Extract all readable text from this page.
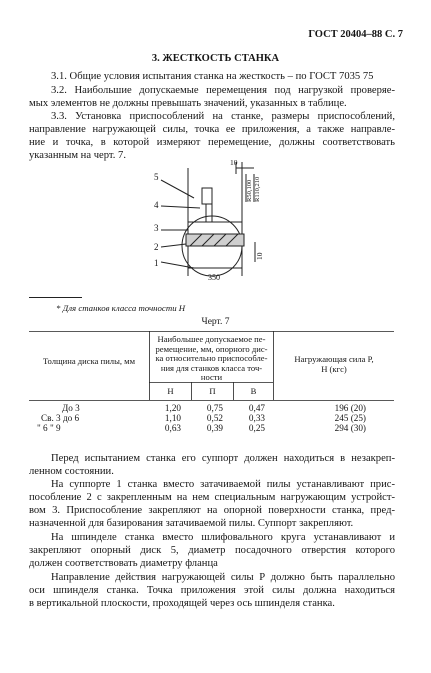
ГОСТ 20404–88 С. 7
3. ЖЕСТКОСТЬ СТАНКА
3.1. Общие условия испытания станка на жесткость – по ГОСТ 7035 75
3.2. Наибольшие допускаемые перемещения под нагрузкой проверяе-
мых элементов не должны превышать значений, указанных в таблице.
3.3. Установка приспособлений на станке, размеры приспособлений,
направление нагружающей силы, точка ее приложения, а также направле-
ние и точка, в которой измеряют перемещение, должны соответствовать
указанным на черт. 7.
5
4
3
2
1
10
350
R50,100 R110,210
10
* Для станков класса точности Н
Черт. 7
Толщина диска пилы, мм
Наибольшее допускаемое пе-
ремещение, мм, опорного дис-
ка относительно приспособле-
ния для станков класса точ-
ности
Нагружающая сила P,
Н (кгс)
Н	П	В
До 3	1,20	0,75	0,47	196 (20)
Св. 3 до 6	1,10	0,52	0,33	245 (25)
" 6 " 9	0,63	0,39	0,25	294 (30)
Перед испытанием станка его суппорт должен находиться в незакреп-
ленном состоянии.
На суппорте 1 станка вместо затачиваемой пилы устанавливают прис-
пособление 2 с закрепленным на нем специальным нагружающим устройст-
вом 3. Приспособление закрепляют на опорной поверхности станка, пред-
назначенной для базирования затачиваемой пилы. Суппорт закрепляют.
На шпинделе станка вместо шлифовального круга устанавливают и
закрепляют опорный диск 5, диаметр посадочного отверстия которого
должен соответствовать диаметру фланца
Направление действия нагружающей силы Р должно быть параллельно
оси шпинделя станка. Точка приложения этой силы должна находиться
в вертикальной плоскости, проходящей через ось шпинделя станка.
